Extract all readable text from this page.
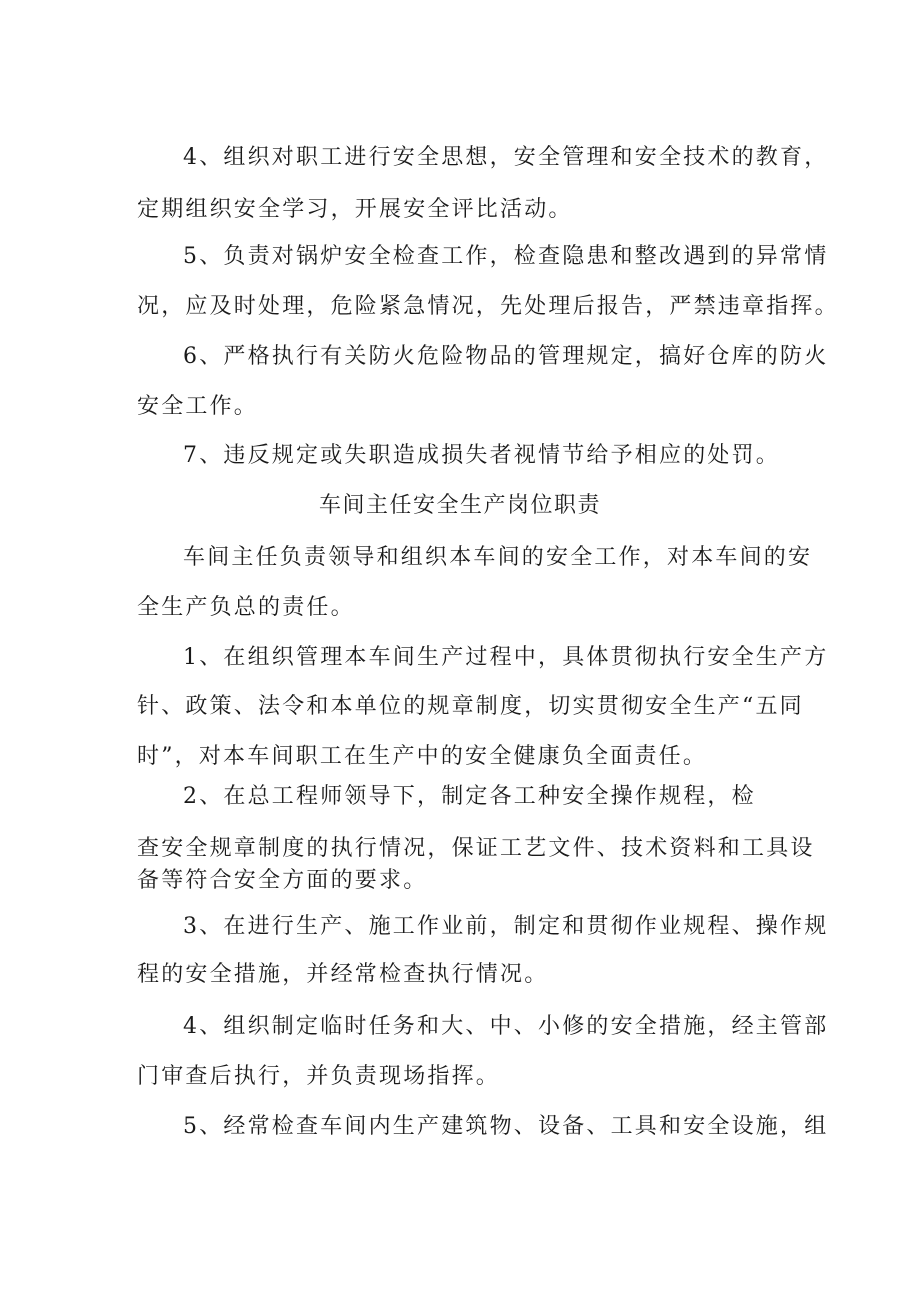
4、组织对职工进行安全思想，安全管理和安全技术的教育，
定期组织安全学习，开展安全评比活动。
5、负责对锅炉安全检查工作，检查隐患和整改遇到的异常情
况，应及时处理，危险紧急情况，先处理后报告，严禁违章指挥。
6、严格执行有关防火危险物品的管理规定，搞好仓库的防火
安全工作。
7、违反规定或失职造成损失者视情节给予相应的处罚。
车间主任安全生产岗位职责
车间主任负责领导和组织本车间的安全工作，对本车间的安
全生产负总的责任。
1、在组织管理本车间生产过程中，具体贯彻执行安全生产方
针、政策、法令和本单位的规章制度，切实贯彻安全生产“五同
时”，对本车间职工在生产中的安全健康负全面责任。
2、在总工程师领导下，制定各工种安全操作规程，检
查安全规章制度的执行情况，保证工艺文件、技术资料和工具设
备等符合安全方面的要求。
3、在进行生产、施工作业前，制定和贯彻作业规程、操作规
程的安全措施，并经常检查执行情况。
4、组织制定临时任务和大、中、小修的安全措施，经主管部
门审查后执行，并负责现场指挥。
5、经常检查车间内生产建筑物、设备、工具和安全设施，组
